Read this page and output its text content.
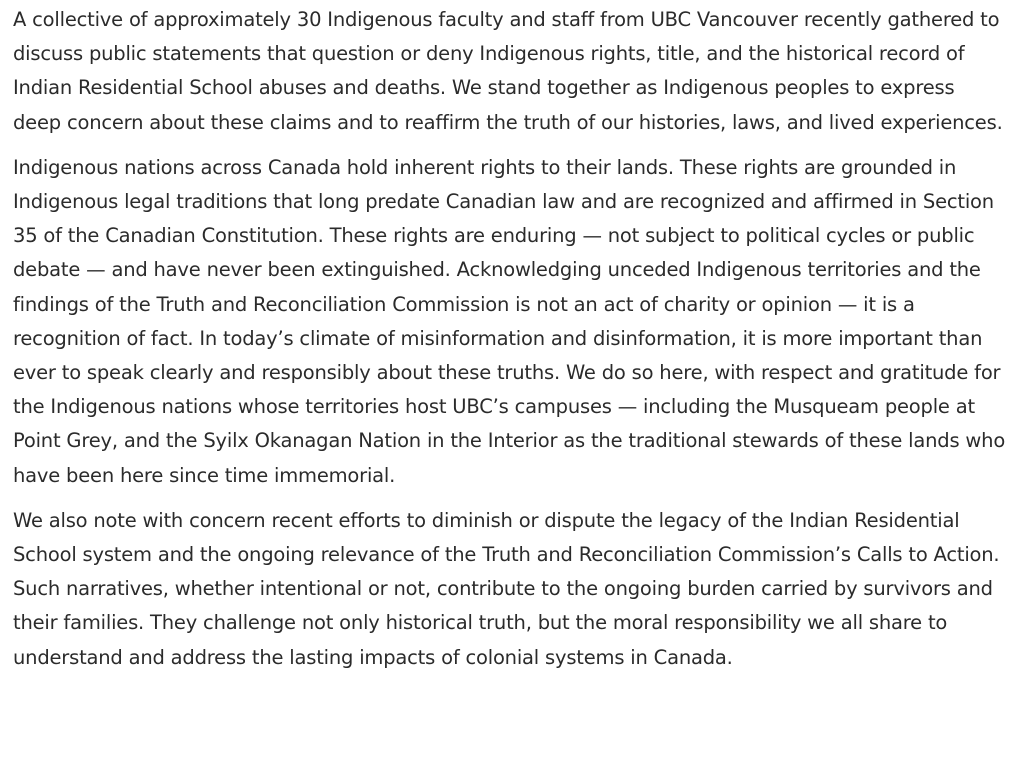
A collective of approximately 30 Indigenous faculty and staff from UBC Vancouver recently gathered to discuss public statements that question or deny Indigenous rights, title, and the historical record of Indian Residential School abuses and deaths. We stand together as Indigenous peoples to express deep concern about these claims and to reaffirm the truth of our histories, laws, and lived experiences.

Indigenous nations across Canada hold inherent rights to their lands. These rights are grounded in Indigenous legal traditions that long predate Canadian law and are recognized and affirmed in Section 35 of the Canadian Constitution. These rights are enduring — not subject to political cycles or public debate — and have never been extinguished. Acknowledging unceded Indigenous territories and the findings of the Truth and Reconciliation Commission is not an act of charity or opinion — it is a recognition of fact. In today’s climate of misinformation and disinformation, it is more important than ever to speak clearly and responsibly about these truths. We do so here, with respect and gratitude for the Indigenous nations whose territories host UBC’s campuses — including the Musqueam people at Point Grey, and the Syilx Okanagan Nation in the Interior as the traditional stewards of these lands who have been here since time immemorial.

We also note with concern recent efforts to diminish or dispute the legacy of the Indian Residential School system and the ongoing relevance of the Truth and Reconciliation Commission’s Calls to Action. Such narratives, whether intentional or not, contribute to the ongoing burden carried by survivors and their families. They challenge not only historical truth, but the moral responsibility we all share to understand and address the lasting impacts of colonial systems in Canada.
